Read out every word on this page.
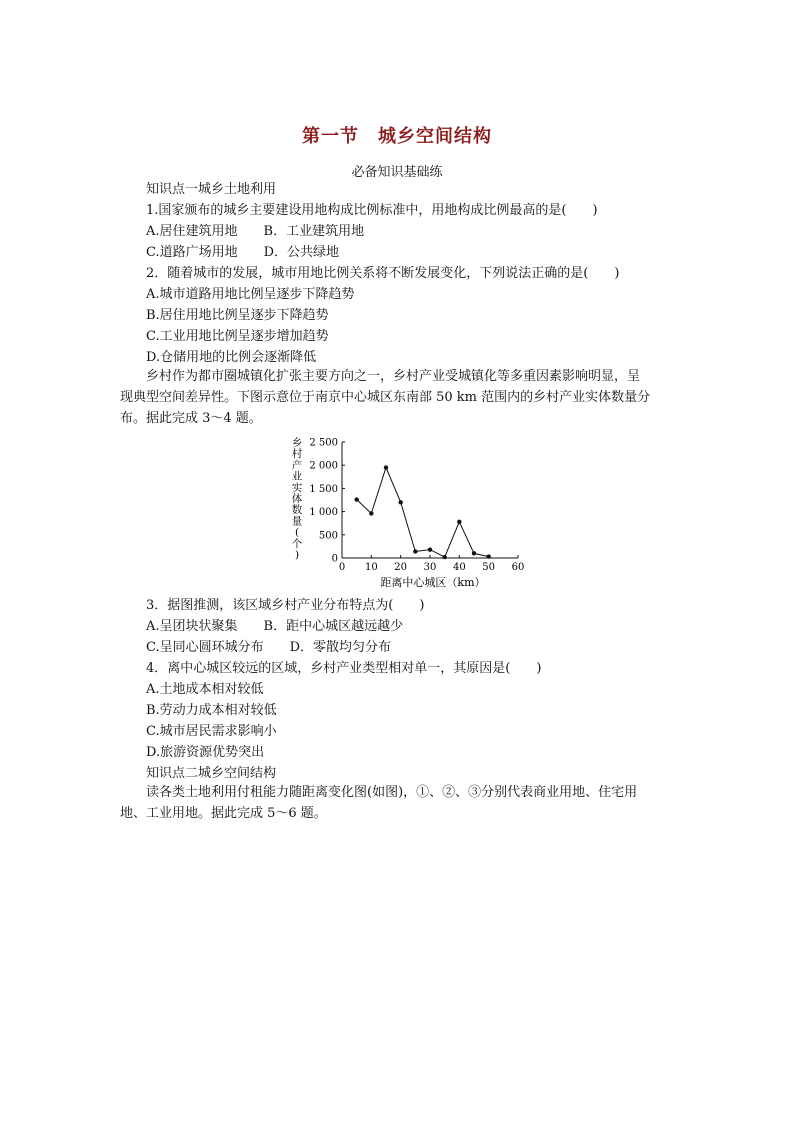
第一节　城乡空间结构
必备知识基础练
知识点一城乡土地利用
1.国家颁布的城乡主要建设用地构成比例标准中，用地构成比例最高的是(　　)
A.居住建筑用地　　B．工业建筑用地
C.道路广场用地　　D．公共绿地
2．随着城市的发展，城市用地比例关系将不断发展变化，下列说法正确的是(　　)
A.城市道路用地比例呈逐步下降趋势
B.居住用地比例呈逐步下降趋势
C.工业用地比例呈逐步增加趋势
D.仓储用地的比例会逐渐降低
乡村作为都市圈城镇化扩张主要方向之一，乡村产业受城镇化等多重因素影响明显，呈
现典型空间差异性。下图示意位于南京中心城区东南部 50 km 范围内的乡村产业实体数量分
布。据此完成 3～4 题。
乡
村
产
业
实
体
数
量
(
个
)
0 10 20 30 40 50 60
0
500
1 000
1 500
2 000
2 500
距离中心城区（km）
3．据图推测，该区域乡村产业分布特点为(　　)
A.呈团块状聚集　　B．距中心城区越远越少
C.呈同心圆环城分布　　D．零散均匀分布
4．离中心城区较远的区域，乡村产业类型相对单一，其原因是(　　)
A.土地成本相对较低
B.劳动力成本相对较低
C.城市居民需求影响小
D.旅游资源优势突出
知识点二城乡空间结构
读各类土地利用付租能力随距离变化图(如图)，①、②、③分别代表商业用地、住宅用
地、工业用地。据此完成 5～6 题。
